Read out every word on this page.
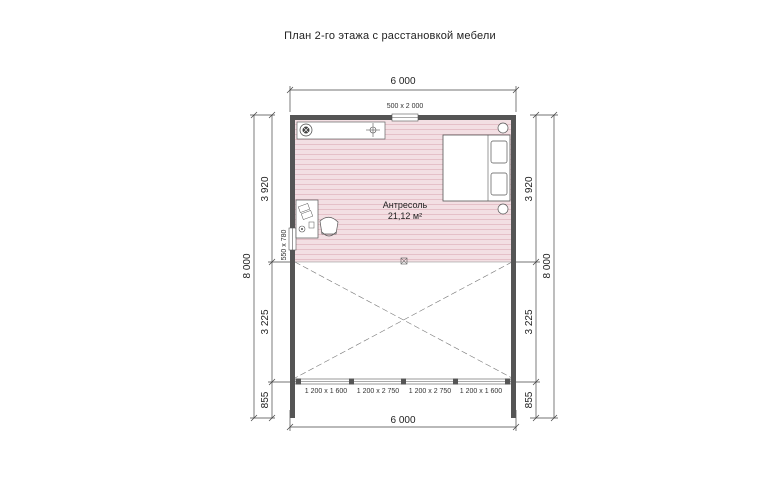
План 2-го этажа с расстановкой мебели
6 000
6 000
8 000
3 920
3 225
855
8 000
3 920
3 225
855
500 x 2 000
550 x 780
1 200 x 1 600 1 200 x 2 750 1 200 x 2 750 1 200 x 1 600
Антресоль
21,12 м²
